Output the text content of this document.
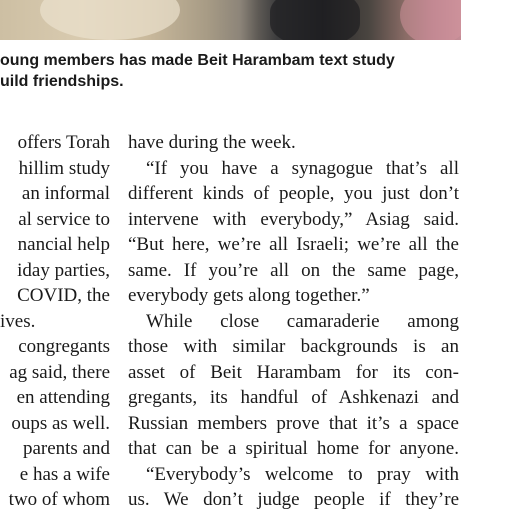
oung members has made Beit Harambam text study
uild friendships.
offers Torah
hillim study
an informal
al service to
nancial help
iday parties,
COVID, the
ives.
congregants
ag said, there
en attending
oups as well.
parents and
e has a wife
two of whom
have during the week.
“If you have a synagogue that’s all
different kinds of people, you just don’t
intervene with everybody,” Asiag said.
“But here, we’re all Israeli; we’re all the
same. If you’re all on the same page,
everybody gets along together.”
While close camaraderie among
those with similar backgrounds is an
asset of Beit Harambam for its con-
gregants, its handful of Ashkenazi and
Russian members prove that it’s a space
that can be a spiritual home for anyone.
“Everybody’s welcome to pray with
us. We don’t judge people if they’re
